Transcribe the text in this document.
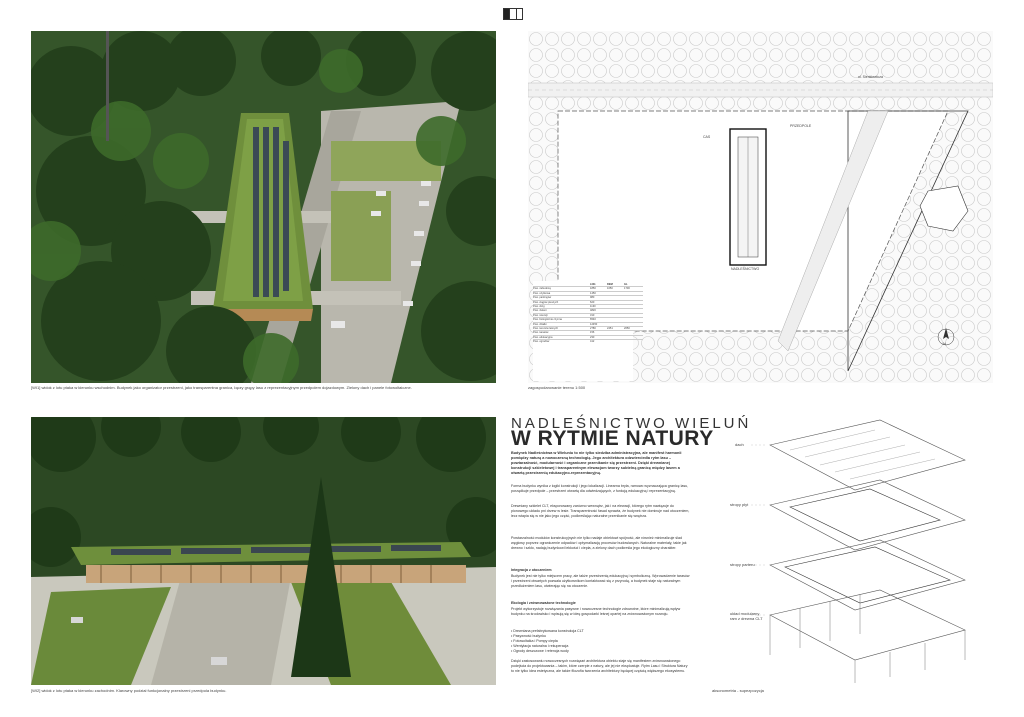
[WI1] widok z lotu ptaka w kierunku wschodnim. Budynek jako organizator przestrzeni, jako transparentna granica, łączy grąpy lasu z reprezentacyjnym przedpolem dojazdowym. Zielony dach i panele fotowoltaiczne.
NADLEŚNICTWO
CAS
PRZEDPOLE
ul. Sienkiewicza
N
LNG	DEM	GL
Pow. zabudowy	1850	1650	1700
Pow. użytkowa	1450
Pow. parkingów	980
Pow. ciągów pieszych	620
Pow. dróg	1130
Pow. zieleni	4820
Pow. retencji	310
Pow. biologicznie czynna	6540
Pow. działki	12450
Pow. terenów leśnych	2780	2451	2650
Pow. tarasów	156
Pow. edukacyjna	230
Pow. ogrodów	412
zagospodarowanie terenu 1:500
[WI2] widok z lotu ptaka w kierunku zachodnim. Klarowny podział funkcjonalny przestrzeni przedpola budynku.
NADLEŚNICTWO WIELUŃ
W RYTMIE NATURY
Budynek Nadleśnictwa w Wieluniu to nie tylko siedziba administracyjna, ale manifest harmonii pomiędzy naturą a nowoczesną technologią. Jego architektura odzwierciedla rytm lasu – powtarzalność, modularność i organiczne przenikanie się przestrzeni. Dzięki drewnianej konstrukcji szkieletowej i transparentnym elewacjom tworzy subtelną granicę między lasem a otwartą przestrzenią edukacyjno-reprezentacyjną.
Forma budynku wynika z logiki konstrukcji i jego lokalizacji. Linearna bryła, ramowo wyznaczająca granicę lasu, porządkuje przedpole – przestrzeń otwartą dla odwiedzających, z funkcją edukacyjną i reprezentacyjną.
Drewniany szkielet CLT, eksponowany zarówno wewnątrz, jak i na elewacji, którego rytm nawiązuje do pionowego układu pni drzew w lesie. Transparentność fasad sprawia, że budynek nie dominuje nad otoczeniem, lecz wtapia się w nie jako jego część, podkreślając naturalne przenikanie się wnętrza.
Powtarzalność modułów konstrukcyjnych nie tylko nadaje obiektowi spójność, ale również minimalizuje ślad węglowy poprzez ograniczenie odpadów i optymalizację procesów budowlanych. Naturalne materiały, takie jak drewno i szkło, nadają budynkowi lekkości i ciepła, a zielony dach podkreśla jego ekologiczny charakter.
Integracja z otoczeniem
Budynek jest nie tylko miejscem pracy, ale także przestrzenią edukacyjną i symboliczną. Wprowadzenie tarasów i przestrzeni otwartych pozwala użytkownikom kontaktować się z przyrodą, a budynek staje się naturalnym przedłużeniem lasu, otwierając się na otoczenie.
Ekologia i zrównoważone technologie
Projekt wykorzystuje rozwiązania pasywne i nowoczesne technologie zdrowotne, które minimalizują wpływ budynku na środowisko i wpisują się w ideę gospodarki leśnej opartej na zrównoważonym rozwoju.
• Drewniana prefabrykowana konstrukcja CLT
• Pasywność budynku
• Fotowoltaika i Pompy ciepła
• Wentylacja naturalna i rekuperacja
• Ogrody deszczowe i retencja wody
Dzięki zastosowaniu nowoczesnych rozwiązań architektura obiektu staje się manifestem zrównoważonego podejścia do projektowania – takim, które czerpie z natury, ale jej nie eksploatuje. Rytm Lasu i Struktura Natury to nie tylko idea estetyczna, ale także filozofia tworzenia architektury będącej częścią większego ekosystemu.
dach
stropy płyt
stropy parteru
układ modularny ram z drewna CLT
aksonometria - supezpozycja
